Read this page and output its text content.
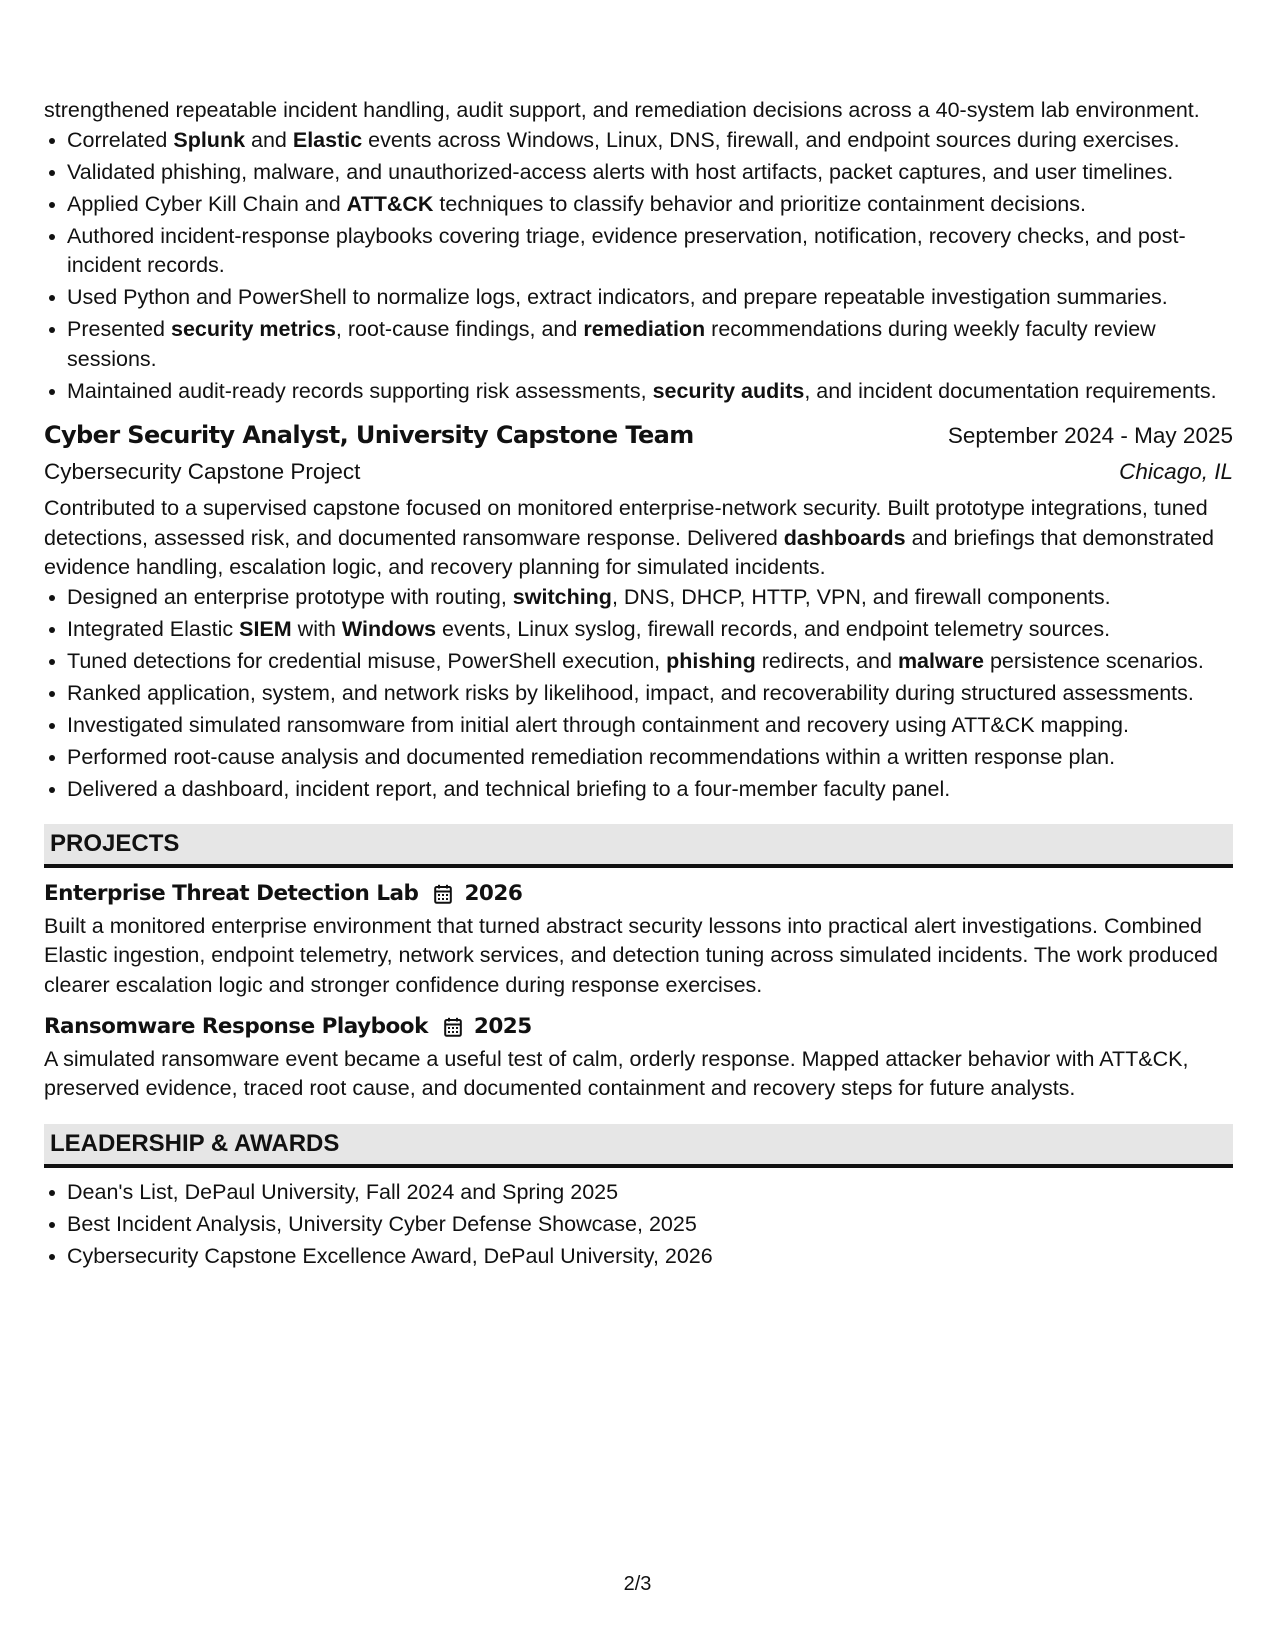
strengthened repeatable incident handling, audit support, and remediation decisions across a 40-system lab environment.

Correlated Splunk and Elastic events across Windows, Linux, DNS, firewall, and endpoint sources during exercises.
Validated phishing, malware, and unauthorized-access alerts with host artifacts, packet captures, and user timelines.
Applied Cyber Kill Chain and ATT&CK techniques to classify behavior and prioritize containment decisions.
Authored incident-response playbooks covering triage, evidence preservation, notification, recovery checks, and post-incident records.
Used Python and PowerShell to normalize logs, extract indicators, and prepare repeatable investigation summaries.
Presented security metrics, root-cause findings, and remediation recommendations during weekly faculty review sessions.
Maintained audit-ready records supporting risk assessments, security audits, and incident documentation requirements.
Cyber Security Analyst, University Capstone Team	September 2024 - May 2025
Cybersecurity Capstone Project	Chicago, IL

Contributed to a supervised capstone focused on monitored enterprise-network security. Built prototype integrations, tuned detections, assessed risk, and documented ransomware response. Delivered dashboards and briefings that demonstrated evidence handling, escalation logic, and recovery planning for simulated incidents.

Designed an enterprise prototype with routing, switching, DNS, DHCP, HTTP, VPN, and firewall components.
Integrated Elastic SIEM with Windows events, Linux syslog, firewall records, and endpoint telemetry sources.
Tuned detections for credential misuse, PowerShell execution, phishing redirects, and malware persistence scenarios.
Ranked application, system, and network risks by likelihood, impact, and recoverability during structured assessments.
Investigated simulated ransomware from initial alert through containment and recovery using ATT&CK mapping.
Performed root-cause analysis and documented remediation recommendations within a written response plan.
Delivered a dashboard, incident report, and technical briefing to a four-member faculty panel.
PROJECTS
Enterprise Threat Detection Lab 2026

Built a monitored enterprise environment that turned abstract security lessons into practical alert investigations. Combined Elastic ingestion, endpoint telemetry, network services, and detection tuning across simulated incidents. The work produced clearer escalation logic and stronger confidence during response exercises.

Ransomware Response Playbook 2025

A simulated ransomware event became a useful test of calm, orderly response. Mapped attacker behavior with ATT&CK, preserved evidence, traced root cause, and documented containment and recovery steps for future analysts.

LEADERSHIP & AWARDS
Dean's List, DePaul University, Fall 2024 and Spring 2025
Best Incident Analysis, University Cyber Defense Showcase, 2025
Cybersecurity Capstone Excellence Award, DePaul University, 2026
2/3
